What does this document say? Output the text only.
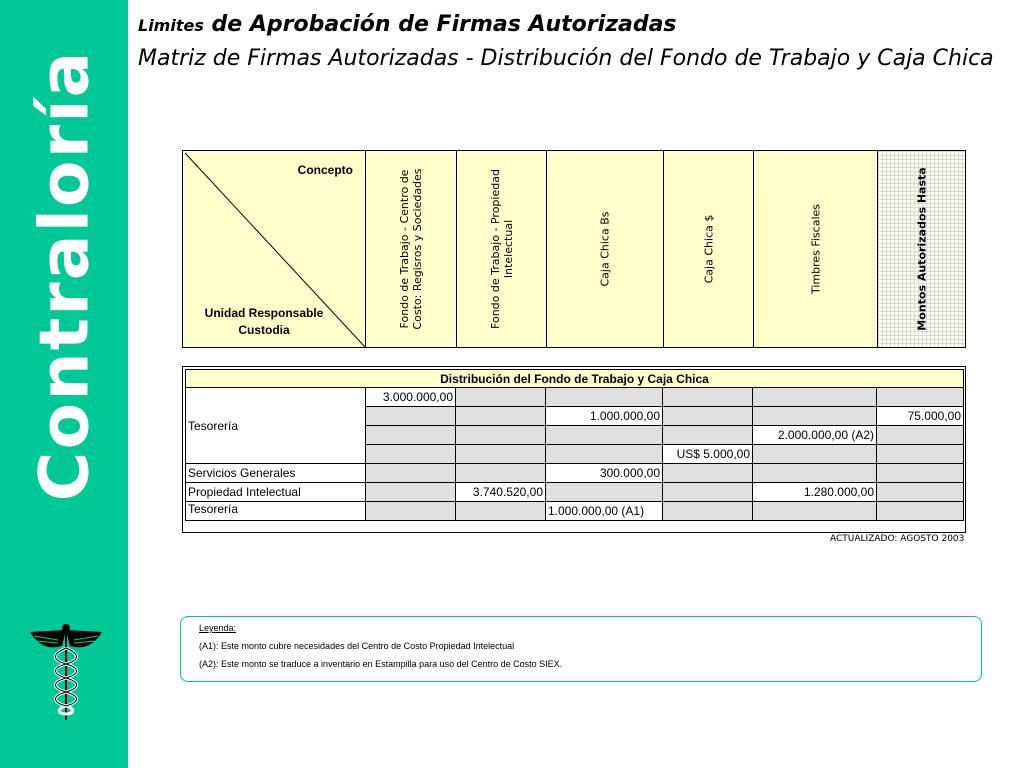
Contraloría
Limites de Aprobación de Firmas Autorizadas
Matriz de Firmas Autorizadas - Distribución del Fondo de Trabajo y Caja Chica
Concepto
Unidad Responsable
Custodia
Fondo de Trabajo - Centro de Costo: Regisros y Sociedades	Fondo de Trabajo - Propiedad Intelectual	Caja Chica Bs	Caja Chica $	Timbres Fiscales	Montos Autorizados Hasta
Distribución del Fondo de Trabajo y Caja Chica						
Tesorería	3.000.000,00					
			1.000.000,00			75.000,00
					2.000.000,00 (A2)	
				US$ 5.000,00		
Servicios Generales			300.000,00			
Propiedad Intelectual		3.740.520,00			1.280.000,00	
Tesorería			1.000.000,00 (A1)			
ACTUALIZADO: AGOSTO 2003
Leyenda:
(A1): Este monto cubre necesidades del Centro de Costo Propiedad Intelectual
(A2): Este monto se traduce a inventario en Estampilla para uso del Centro de Costo SIEX.
